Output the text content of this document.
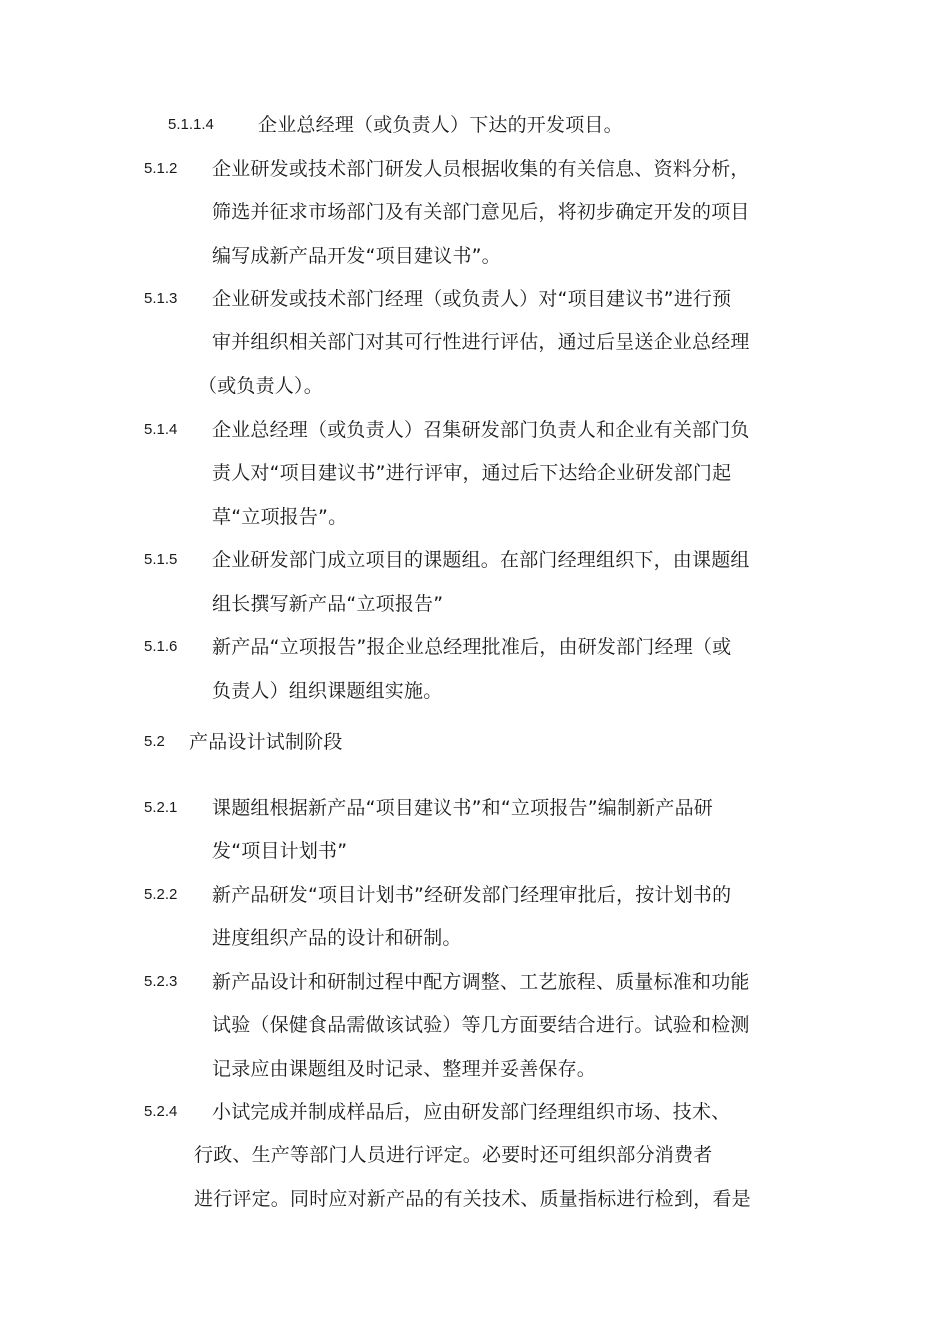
5.1.1.4 企业总经理（或负责人）下达的开发项目。
5.1.2 企业研发或技术部门研发人员根据收集的有关信息、资料分析，
筛选并征求市场部门及有关部门意见后，将初步确定开发的项目
编写成新产品开发“项目建议书”。
5.1.3 企业研发或技术部门经理（或负责人）对“项目建议书”进行预
审并组织相关部门对其可行性进行评估，通过后呈送企业总经理
（或负责人）。
5.1.4 企业总经理（或负责人）召集研发部门负责人和企业有关部门负
责人对“项目建议书”进行评审，通过后下达给企业研发部门起
草“立项报告”。
5.1.5 企业研发部门成立项目的课题组。在部门经理组织下，由课题组
组长撰写新产品“立项报告”
5.1.6 新产品“立项报告”报企业总经理批准后，由研发部门经理（或
负责人）组织课题组实施。
5.2 产品设计试制阶段
5.2.1 课题组根据新产品“项目建议书”和“立项报告”编制新产品研
发“项目计划书”
5.2.2 新产品研发“项目计划书”经研发部门经理审批后，按计划书的
进度组织产品的设计和研制。
5.2.3 新产品设计和研制过程中配方调整、工艺旅程、质量标准和功能
试验（保健食品需做该试验）等几方面要结合进行。试验和检测
记录应由课题组及时记录、整理并妥善保存。
5.2.4 小试完成并制成样品后，应由研发部门经理组织市场、技术、
行政、生产等部门人员进行评定。必要时还可组织部分消费者
进行评定。同时应对新产品的有关技术、质量指标进行检到，看是
